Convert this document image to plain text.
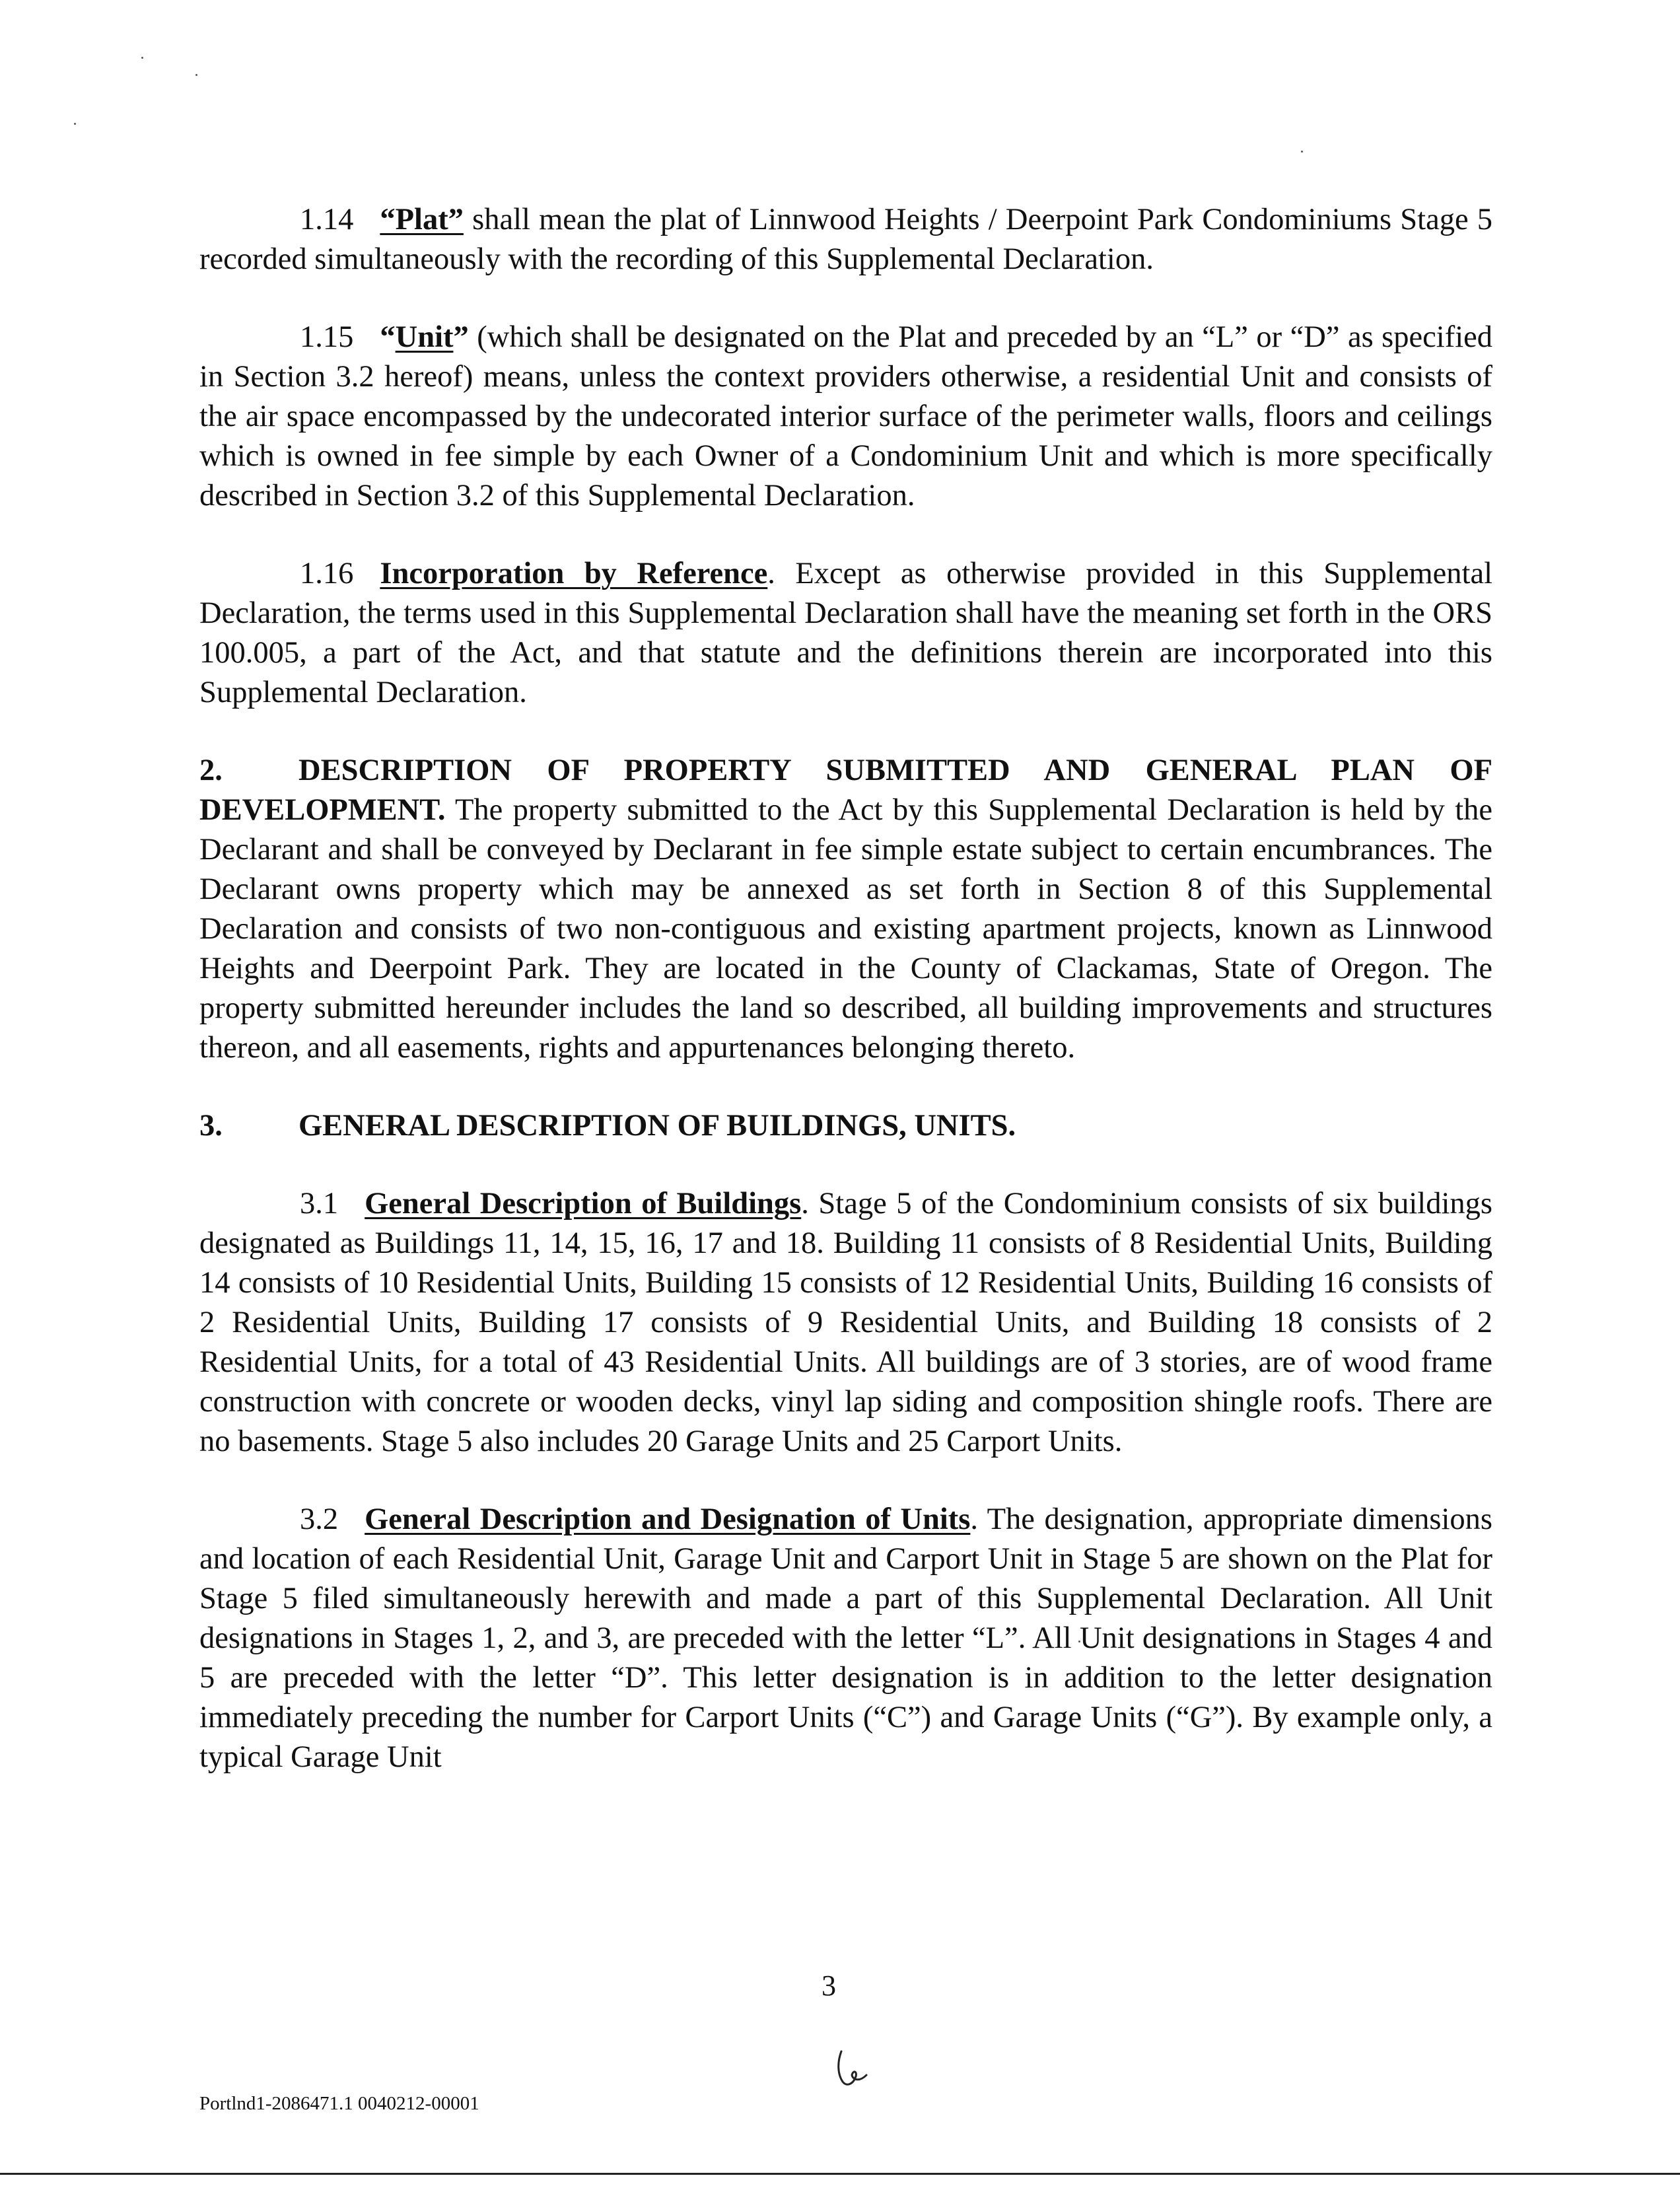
1.14 “Plat” shall mean the plat of Linnwood Heights / Deerpoint Park Condominiums Stage 5 recorded simultaneously with the recording of this Supplemental Declaration.

1.15 “Unit” (which shall be designated on the Plat and preceded by an “L” or “D” as specified in Section 3.2 hereof) means, unless the context providers otherwise, a residential Unit and consists of the air space encompassed by the undecorated interior surface of the perimeter walls, floors and ceilings which is owned in fee simple by each Owner of a Condominium Unit and which is more specifically described in Section 3.2 of this Supplemental Declaration.

1.16 Incorporation by Reference. Except as otherwise provided in this Supplemental Declaration, the terms used in this Supplemental Declaration shall have the meaning set forth in the ORS 100.005, a part of the Act, and that statute and the definitions therein are incorporated into this Supplemental Declaration.

2. DESCRIPTION OF PROPERTY SUBMITTED AND GENERAL PLAN OF DEVELOPMENT. The property submitted to the Act by this Supplemental Declaration is held by the Declarant and shall be conveyed by Declarant in fee simple estate subject to certain encumbrances. The Declarant owns property which may be annexed as set forth in Section 8 of this Supplemental Declaration and consists of two non-contiguous and existing apartment projects, known as Linnwood Heights and Deerpoint Park. They are located in the County of Clackamas, State of Oregon. The property submitted hereunder includes the land so described, all building improvements and structures thereon, and all easements, rights and appurtenances belonging thereto.

3. GENERAL DESCRIPTION OF BUILDINGS, UNITS.

3.1 General Description of Buildings. Stage 5 of the Condominium consists of six buildings designated as Buildings 11, 14, 15, 16, 17 and 18. Building 11 consists of 8 Residential Units, Building 14 consists of 10 Residential Units, Building 15 consists of 12 Residential Units, Building 16 consists of 2 Residential Units, Building 17 consists of 9 Residential Units, and Building 18 consists of 2 Residential Units, for a total of 43 Residential Units. All buildings are of 3 stories, are of wood frame construction with concrete or wooden decks, vinyl lap siding and composition shingle roofs. There are no basements. Stage 5 also includes 20 Garage Units and 25 Carport Units.

3.2 General Description and Designation of Units. The designation, appropriate dimensions and location of each Residential Unit, Garage Unit and Carport Unit in Stage 5 are shown on the Plat for Stage 5 filed simultaneously herewith and made a part of this Supplemental Declaration. All Unit designations in Stages 1, 2, and 3, are preceded with the letter “L”. All Unit designations in Stages 4 and 5 are preceded with the letter “D”. This letter designation is in addition to the letter designation immediately preceding the number for Carport Units (“C”) and Garage Units (“G”). By example only, a typical Garage Unit

3
Portlnd1-2086471.1 0040212-00001
